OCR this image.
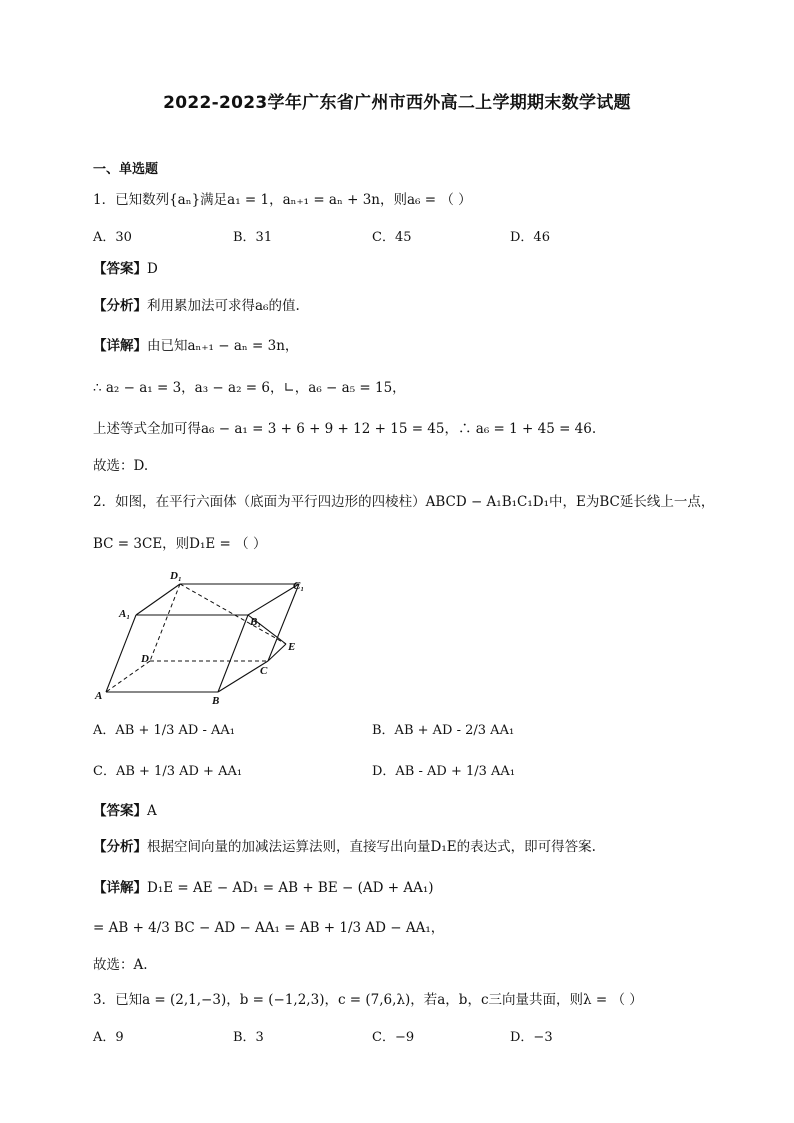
2022-2023学年广东省广州市西外高二上学期期末数学试题
一、单选题
1．已知数列{aₙ}满足a₁ = 1，aₙ₊₁ = aₙ + 3n，则a₆ = （ ）
A．30	B．31	C．45	D．46
【答案】D
【分析】利用累加法可求得a₆的值.
【详解】由已知aₙ₊₁ − aₙ = 3n，
∴ a₂ − a₁ = 3，a₃ − a₂ = 6，∟，a₆ − a₅ = 15，
上述等式全加可得a₆ − a₁ = 3 + 6 + 9 + 12 + 15 = 45，∴ a₆ = 1 + 45 = 46.
故选：D.
2．如图，在平行六面体（底面为平行四边形的四棱柱）ABCD − A₁B₁C₁D₁中，E为BC延长线上一点，
BC = 3CE，则D₁E = （ ）
D₁
C₁
A₁
B₁
E
D
C
A	B
A．AB + 1/3 AD - AA₁	B．AB + AD - 2/3 AA₁
C．AB + 1/3 AD + AA₁	D．AB - AD + 1/3 AA₁
【答案】A
【分析】根据空间向量的加减法运算法则，直接写出向量D₁E的表达式，即可得答案.
【详解】D₁E = AE − AD₁ = AB + BE − (AD + AA₁)
= AB + 4/3 BC − AD − AA₁ = AB + 1/3 AD − AA₁，
故选：A.
3．已知a = (2,1,−3)，b = (−1,2,3)，c = (7,6,λ)，若a，b，c三向量共面，则λ = （ ）
A．9	B．3	C．−9	D．−3
